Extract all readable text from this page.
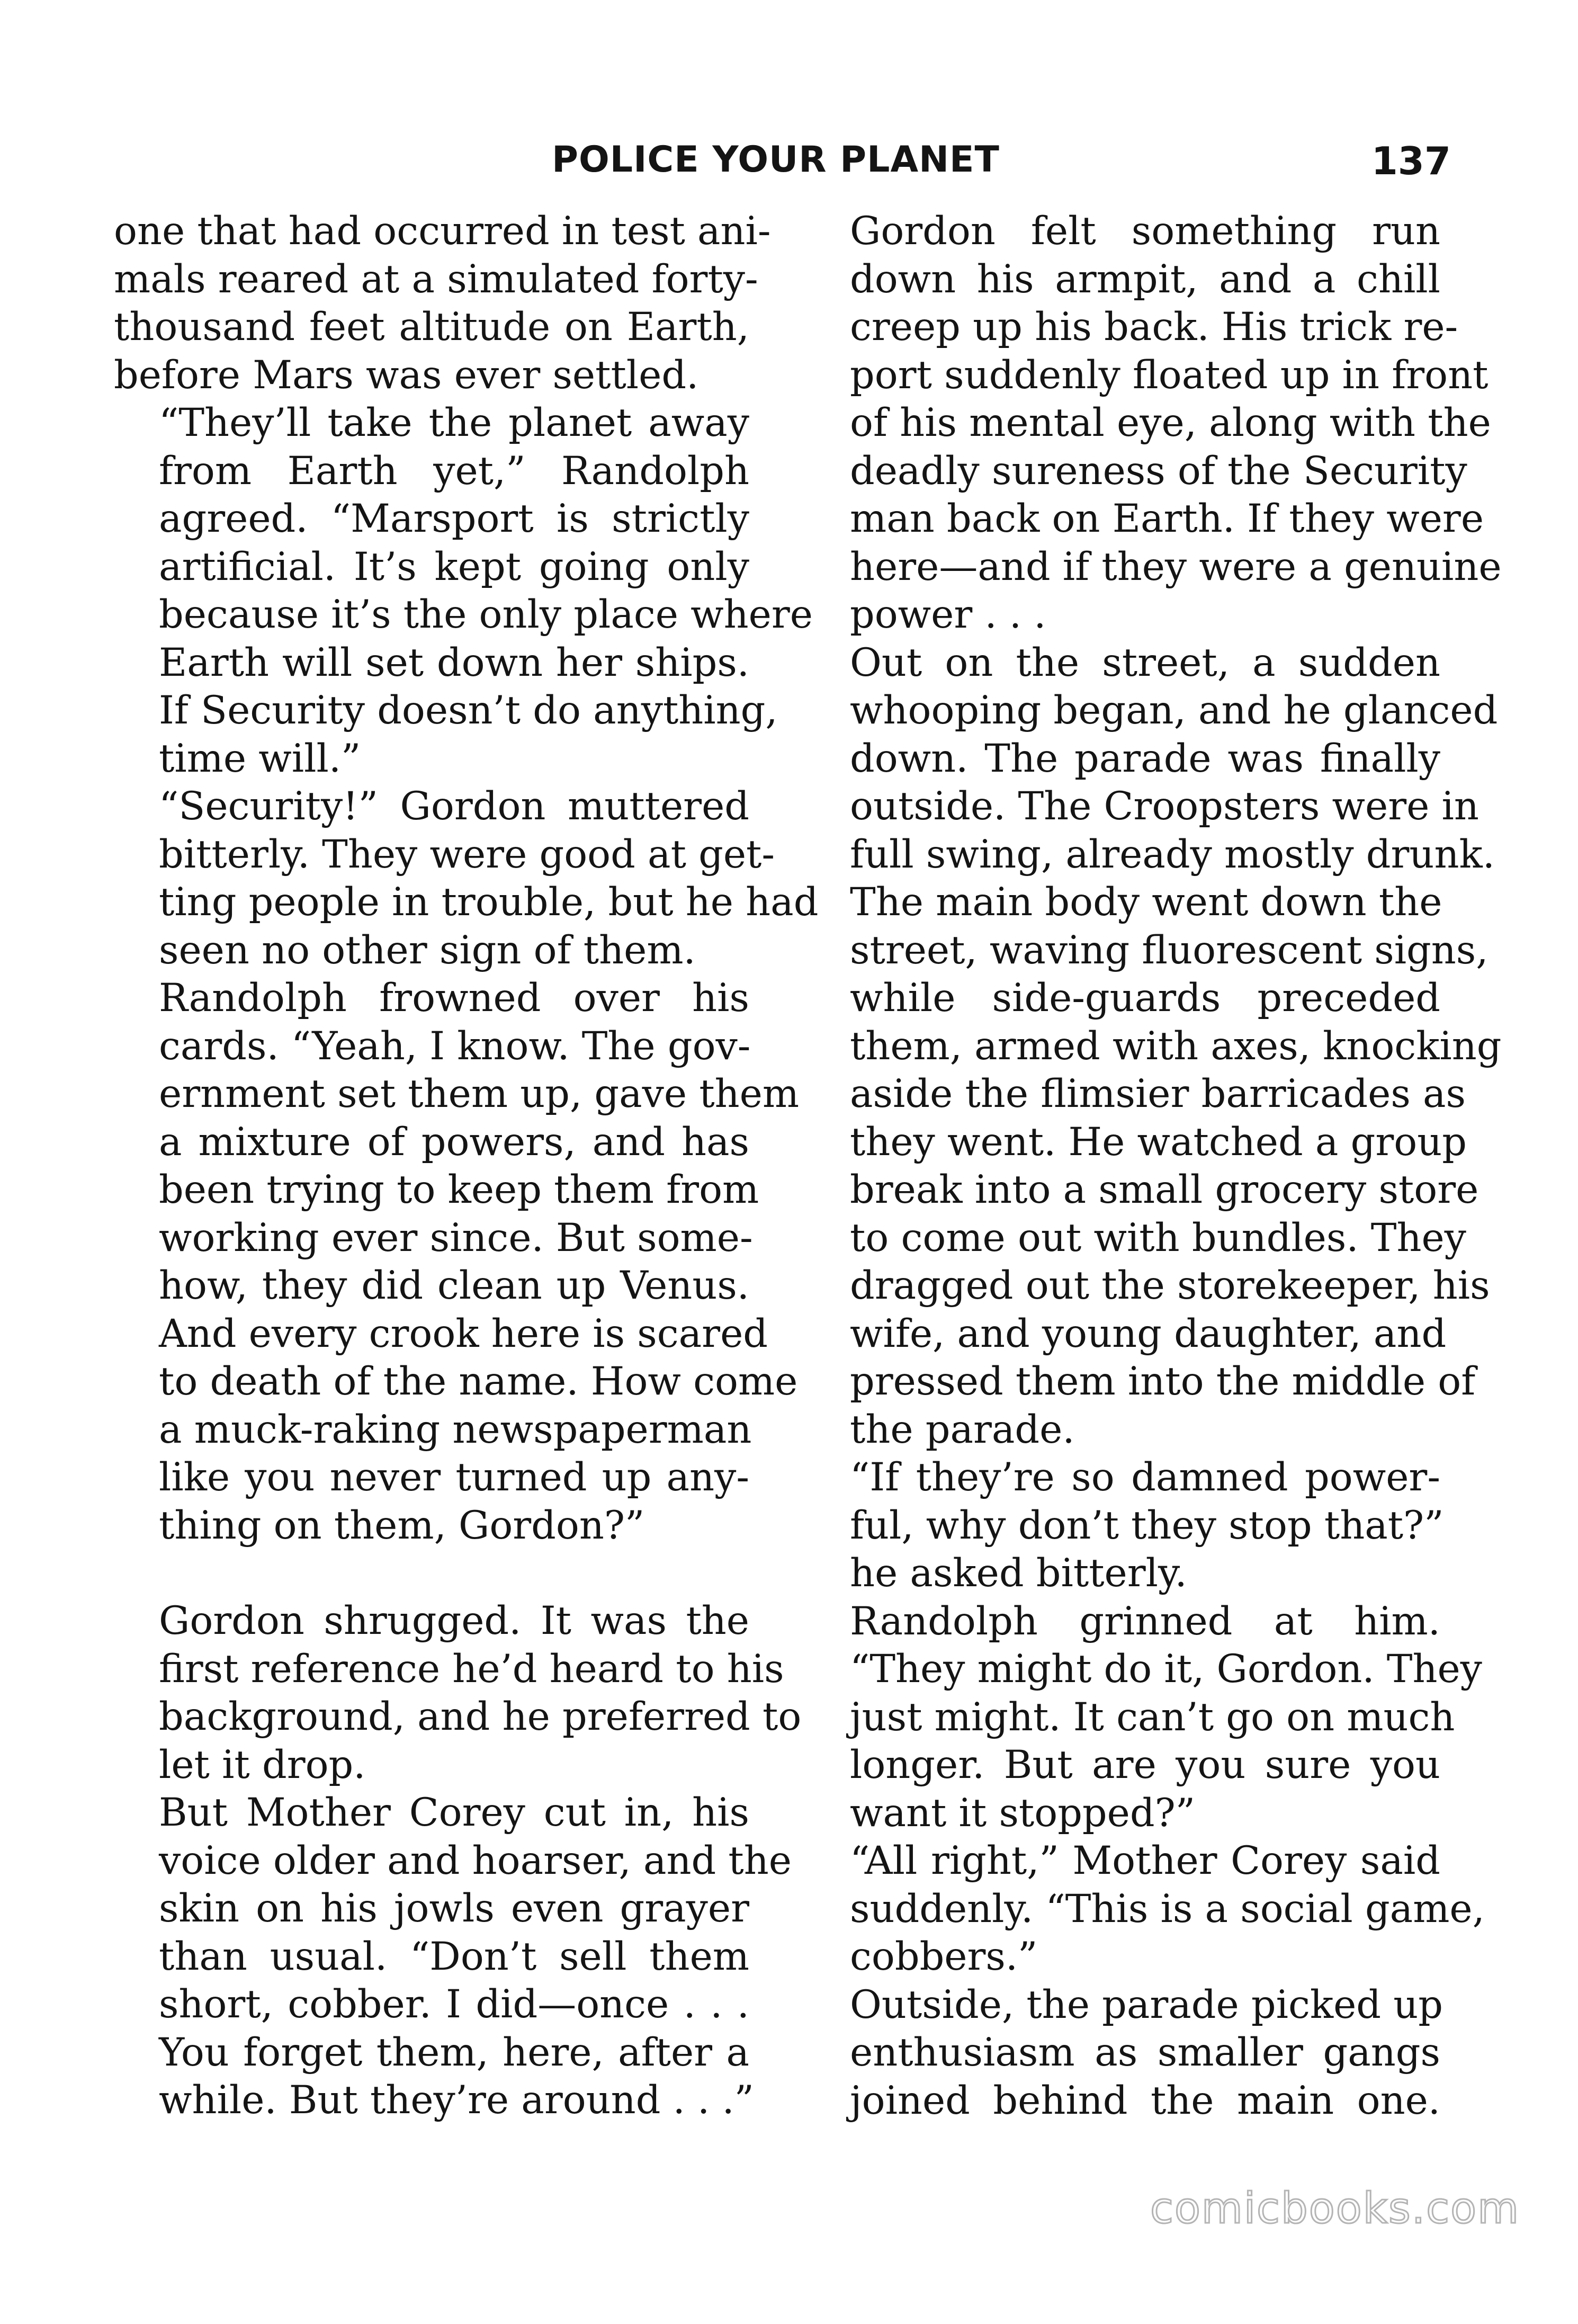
POLICE YOUR PLANET	137

one that had occurred in test ani-
mals reared at a simulated forty-
thousand feet altitude on Earth,
before Mars was ever settled.

“They’ll take the planet away
from Earth yet,” Randolph
agreed. “Marsport is strictly
artificial. It’s kept going only
because it’s the only place where
Earth will set down her ships.
If Security doesn’t do anything,
time will.”

“Security!” Gordon muttered
bitterly. They were good at get-
ting people in trouble, but he had
seen no other sign of them.

Randolph frowned over his
cards. “Yeah, I know. The gov-
ernment set them up, gave them
a mixture of powers, and has
been trying to keep them from
working ever since. But some-
how, they did clean up Venus.
And every crook here is scared
to death of the name. How come
a muck-raking newspaperman
like you never turned up any-
thing on them, Gordon?”

Gordon shrugged. It was the
first reference he’d heard to his
background, and he preferred to
let it drop.

But Mother Corey cut in, his
voice older and hoarser, and the
skin on his jowls even grayer
than usual. “Don’t sell them
short, cobber. I did—once . . .
You forget them, here, after a
while. But they’re around . . .”

Gordon felt something run
down his armpit, and a chill
creep up his back. His trick re-
port suddenly floated up in front
of his mental eye, along with the
deadly sureness of the Security
man back on Earth. If they were
here—and if they were a genuine
power . . .

Out on the street, a sudden
whooping began, and he glanced
down. The parade was finally
outside. The Croopsters were in
full swing, already mostly drunk.
The main body went down the
street, waving fluorescent signs,
while side-guards preceded
them, armed with axes, knocking
aside the flimsier barricades as
they went. He watched a group
break into a small grocery store
to come out with bundles. They
dragged out the storekeeper, his
wife, and young daughter, and
pressed them into the middle of
the parade.

“If they’re so damned power-
ful, why don’t they stop that?”
he asked bitterly.

Randolph grinned at him.
“They might do it, Gordon. They
just might. It can’t go on much
longer. But are you sure you
want it stopped?”

“All right,” Mother Corey said
suddenly. “This is a social game,
cobbers.”

Outside, the parade picked up
enthusiasm as smaller gangs
joined behind the main one.

comicbooks.com
